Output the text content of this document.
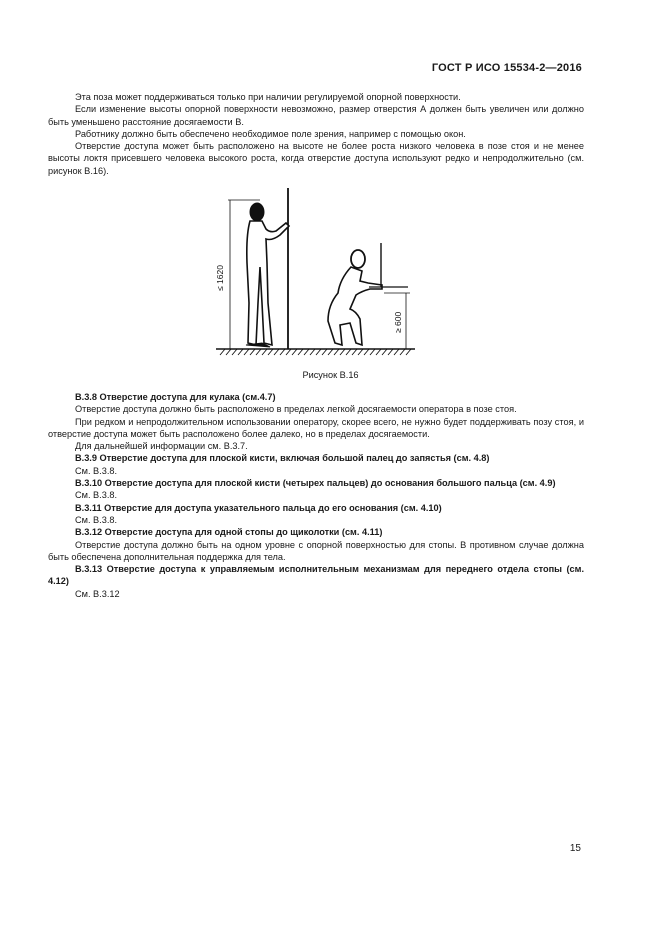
ГОСТ Р ИСО 15534-2—2016

Эта поза может поддерживаться только при наличии регулируемой опорной поверхности.

Если изменение высоты опорной поверхности невозможно, размер отверстия А должен быть увеличен или должно быть уменьшено расстояние досягаемости B.

Работнику должно быть обеспечено необходимое поле зрения, например с помощью окон.

Отверстие доступа может быть расположено на высоте не более роста низкого человека в позе стоя и не менее высоты локтя присевшего человека высокого роста, когда отверстие доступа используют редко и непродолжительно (см. рисунок В.16).

≤ 1620
≥ 600
Рисунок В.16

В.3.8 Отверстие доступа для кулака (см.4.7)

Отверстие доступа должно быть расположено в пределах легкой досягаемости оператора в позе стоя.

При редком и непродолжительном использовании оператору, скорее всего, не нужно будет поддерживать позу стоя, и отверстие доступа может быть расположено более далеко, но в пределах досягаемости.

Для дальнейшей информации см. В.3.7.

В.3.9 Отверстие доступа для плоской кисти, включая большой палец до запястья (см. 4.8)

См. В.3.8.

В.3.10 Отверстие доступа для плоской кисти (четырех пальцев) до основания большого пальца (см. 4.9)

См. В.3.8.

В.3.11 Отверстие для доступа указательного пальца до его основания (см. 4.10)

См. В.3.8.

В.3.12 Отверстие доступа для одной стопы до щиколотки (см. 4.11)

Отверстие доступа должно быть на одном уровне с опорной поверхностью для стопы. В противном случае должна быть обеспечена дополнительная поддержка для тела.

В.3.13 Отверстие доступа к управляемым исполнительным механизмам для переднего отдела стопы (см. 4.12)

См. В.3.12

15
